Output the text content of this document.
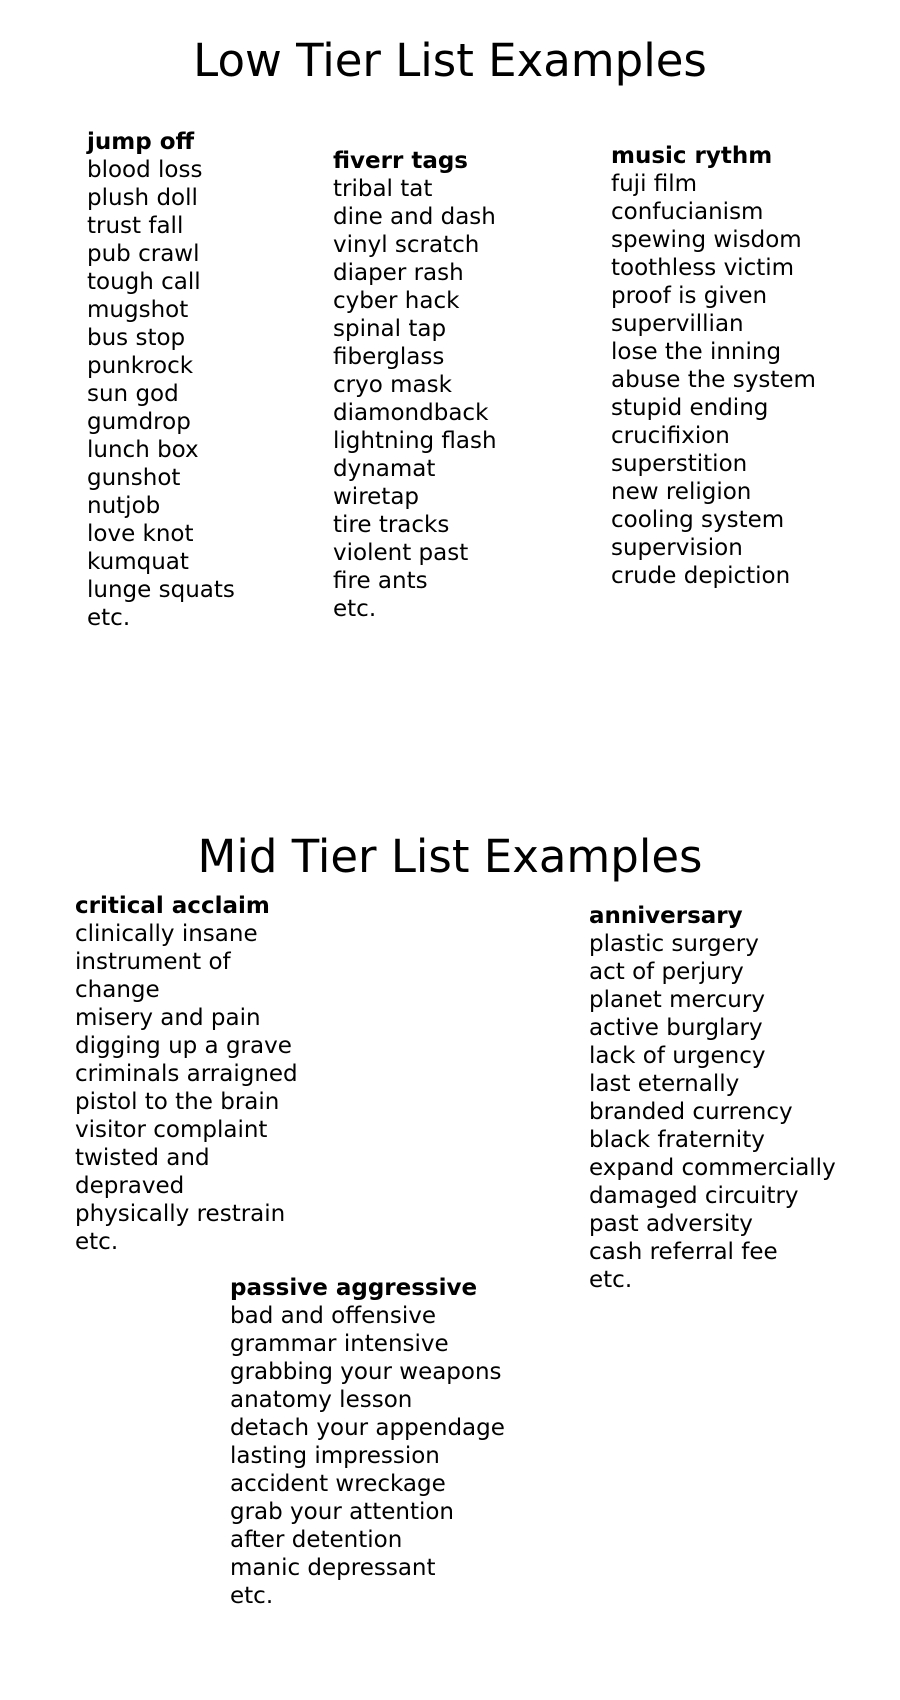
Low Tier List Examples
jump off
blood loss
plush doll
trust fall
pub crawl
tough call
mugshot
bus stop
punkrock
sun god
gumdrop
lunch box
gunshot
nutjob
love knot
kumquat
lunge squats
etc.
fiverr tags
tribal tat
dine and dash
vinyl scratch
diaper rash
cyber hack
spinal tap
fiberglass
cryo mask
diamondback
lightning flash
dynamat
wiretap
tire tracks
violent past
fire ants
etc.
music rythm
fuji film
confucianism
spewing wisdom
toothless victim
proof is given
supervillian
lose the inning
abuse the system
stupid ending
crucifixion
superstition
new religion
cooling system
supervision
crude depiction
Mid Tier List Examples
critical acclaim
clinically insane
instrument of change
misery and pain
digging up a grave
criminals arraigned
pistol to the brain
visitor complaint
twisted and depraved
physically restrain
etc.
anniversary
plastic surgery
act of perjury
planet mercury
active burglary
lack of urgency
last eternally
branded currency
black fraternity
expand commercially
damaged circuitry
past adversity
cash referral fee
etc.
passive aggressive
bad and offensive
grammar intensive
grabbing your weapons
anatomy lesson
detach your appendage
lasting impression
accident wreckage
grab your attention
after detention
manic depressant
etc.
